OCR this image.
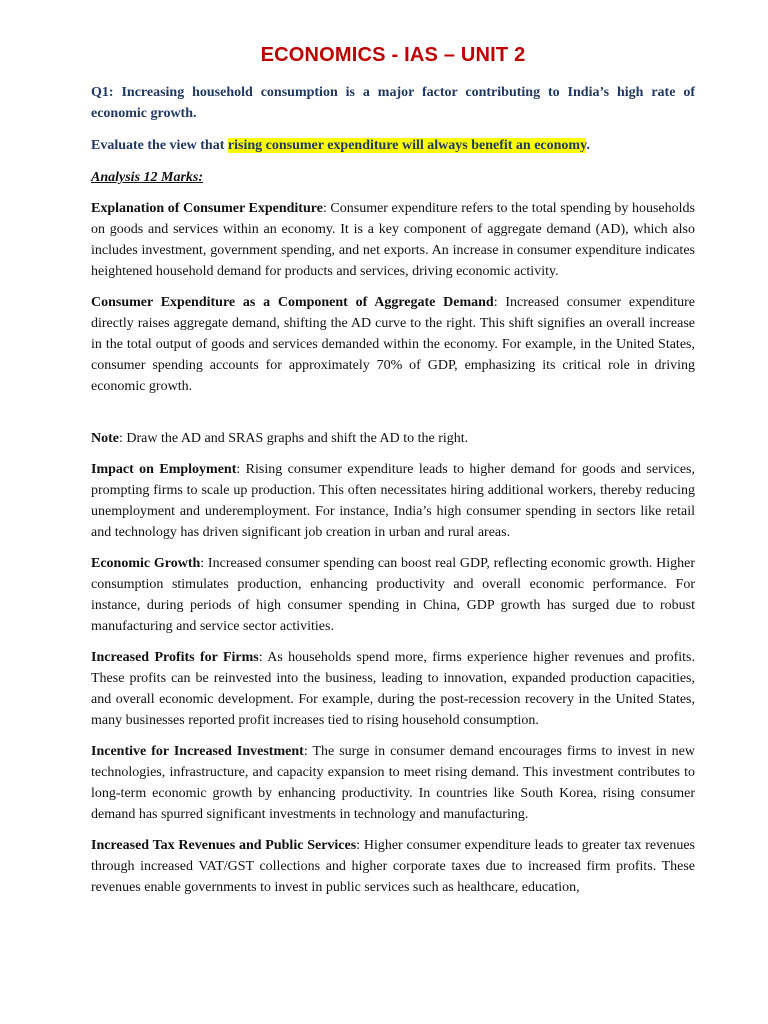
ECONOMICS - IAS – UNIT 2
Q1: Increasing household consumption is a major factor contributing to India’s high rate of economic growth.
Evaluate the view that rising consumer expenditure will always benefit an economy.
Analysis 12 Marks:

Explanation of Consumer Expenditure: Consumer expenditure refers to the total spending by households on goods and services within an economy. It is a key component of aggregate demand (AD), which also includes investment, government spending, and net exports. An increase in consumer expenditure indicates heightened household demand for products and services, driving economic activity.

Consumer Expenditure as a Component of Aggregate Demand: Increased consumer expenditure directly raises aggregate demand, shifting the AD curve to the right. This shift signifies an overall increase in the total output of goods and services demanded within the economy. For example, in the United States, consumer spending accounts for approximately 70% of GDP, emphasizing its critical role in driving economic growth.

Note: Draw the AD and SRAS graphs and shift the AD to the right.

Impact on Employment: Rising consumer expenditure leads to higher demand for goods and services, prompting firms to scale up production. This often necessitates hiring additional workers, thereby reducing unemployment and underemployment. For instance, India’s high consumer spending in sectors like retail and technology has driven significant job creation in urban and rural areas.

Economic Growth: Increased consumer spending can boost real GDP, reflecting economic growth. Higher consumption stimulates production, enhancing productivity and overall economic performance. For instance, during periods of high consumer spending in China, GDP growth has surged due to robust manufacturing and service sector activities.

Increased Profits for Firms: As households spend more, firms experience higher revenues and profits. These profits can be reinvested into the business, leading to innovation, expanded production capacities, and overall economic development. For example, during the post-recession recovery in the United States, many businesses reported profit increases tied to rising household consumption.

Incentive for Increased Investment: The surge in consumer demand encourages firms to invest in new technologies, infrastructure, and capacity expansion to meet rising demand. This investment contributes to long-term economic growth by enhancing productivity. In countries like South Korea, rising consumer demand has spurred significant investments in technology and manufacturing.

Increased Tax Revenues and Public Services: Higher consumer expenditure leads to greater tax revenues through increased VAT/GST collections and higher corporate taxes due to increased firm profits. These revenues enable governments to invest in public services such as healthcare, education,
